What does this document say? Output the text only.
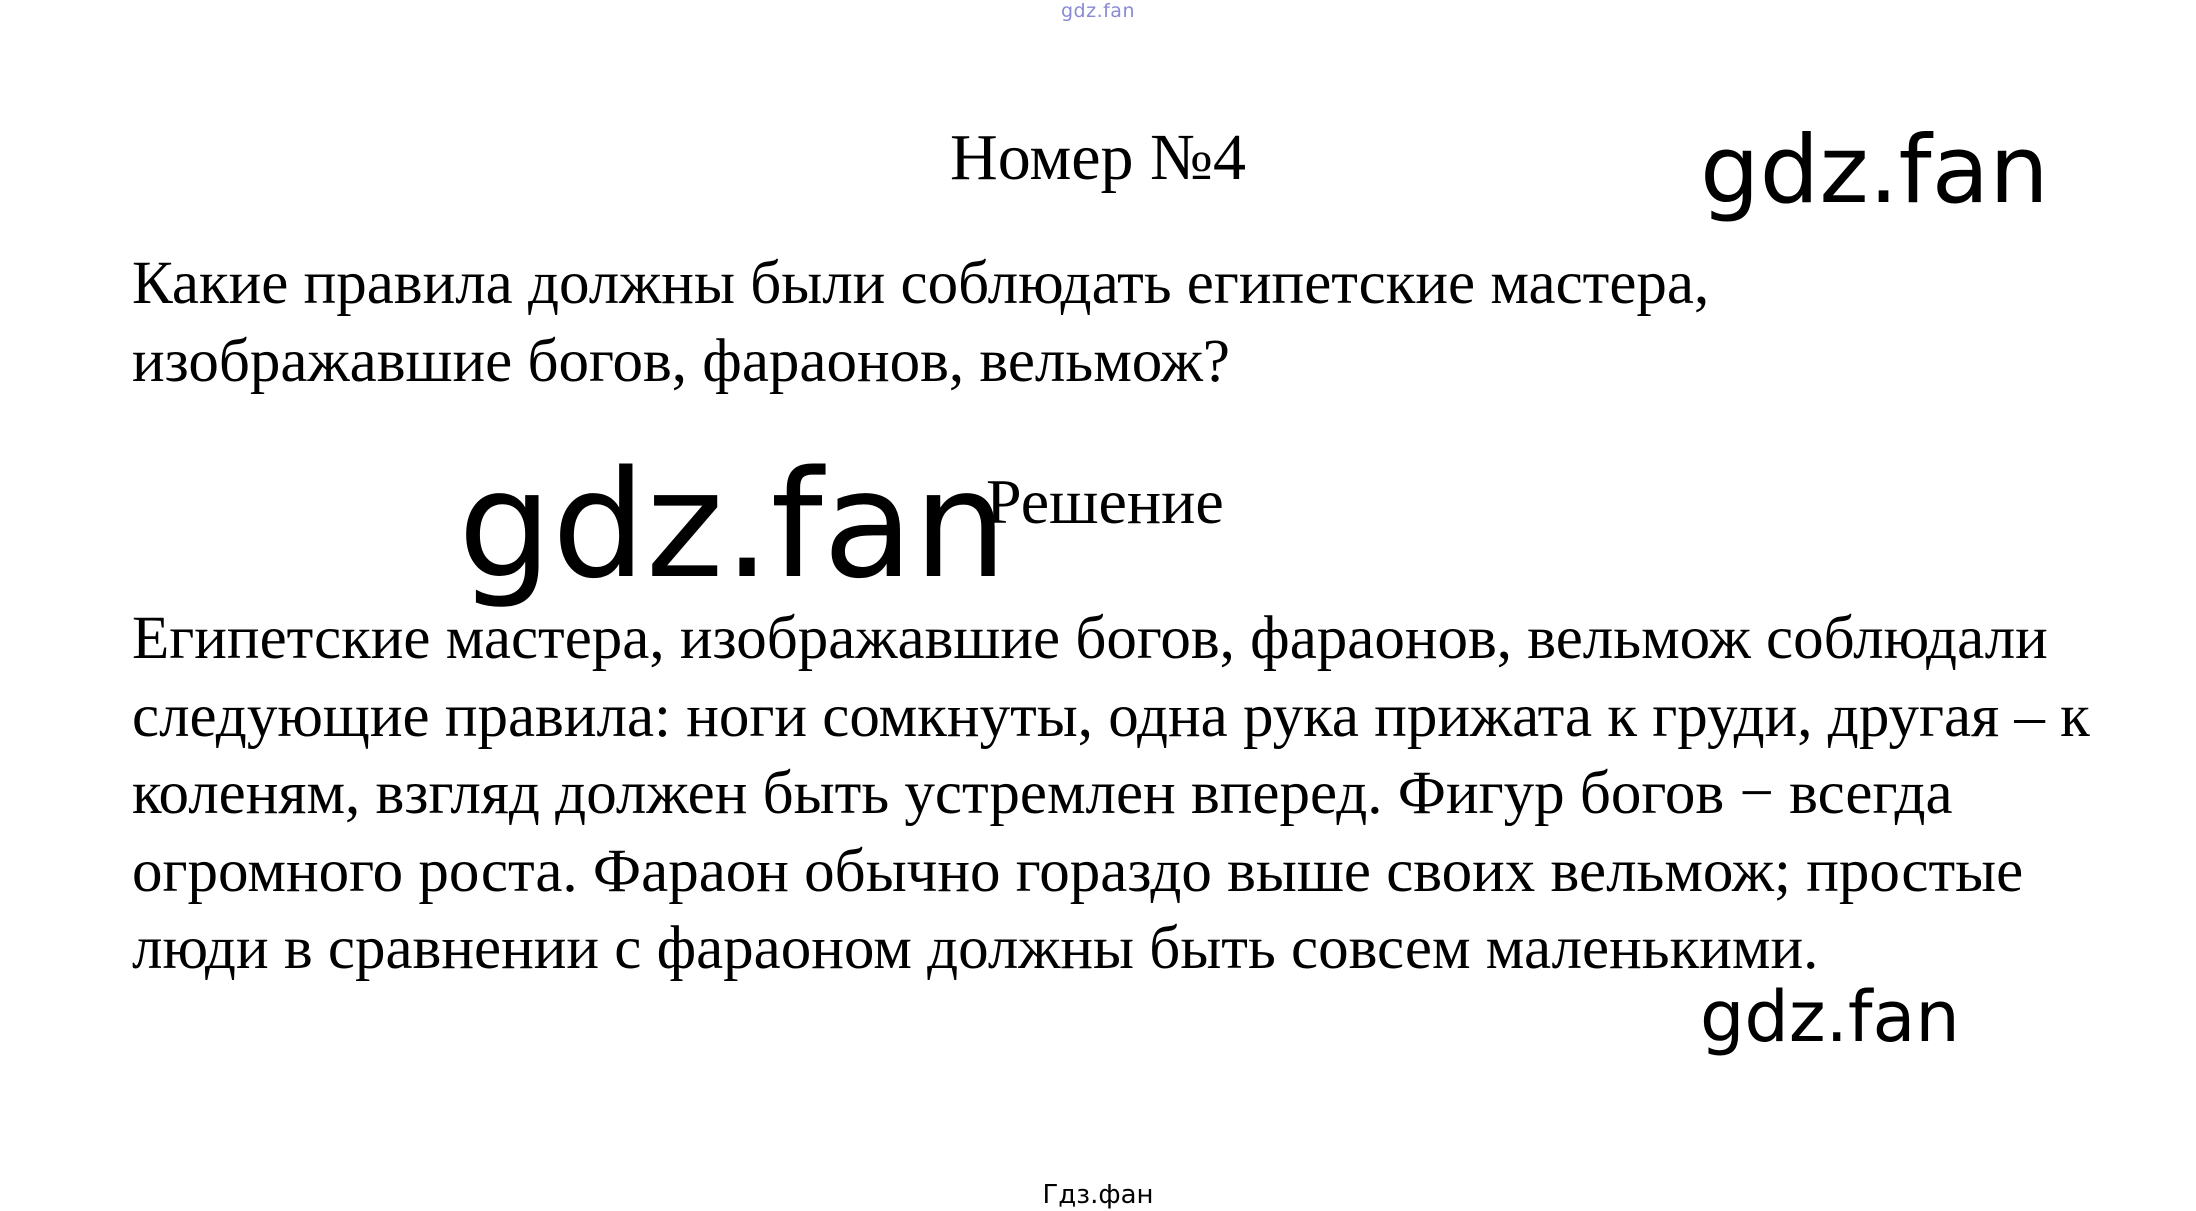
gdz.fan
Номер №4	gdz.fan

Какие правила должны были соблюдать египетские мастера, изображавшие богов, фараонов, вельмож?

gdz.fan
Решение

Египетские мастера, изображавшие богов, фараонов, вельмож соблюдали следующие правила: ноги сомкнуты, одна рука прижата к груди, другая – к коленям, взгляд должен быть устремлен вперед. Фигур богов − всегда огромного роста. Фараон обычно гораздо выше своих вельмож; простые люди в сравнении с фараоном должны быть совсем маленькими.

gdz.fan
Гдз.фан
